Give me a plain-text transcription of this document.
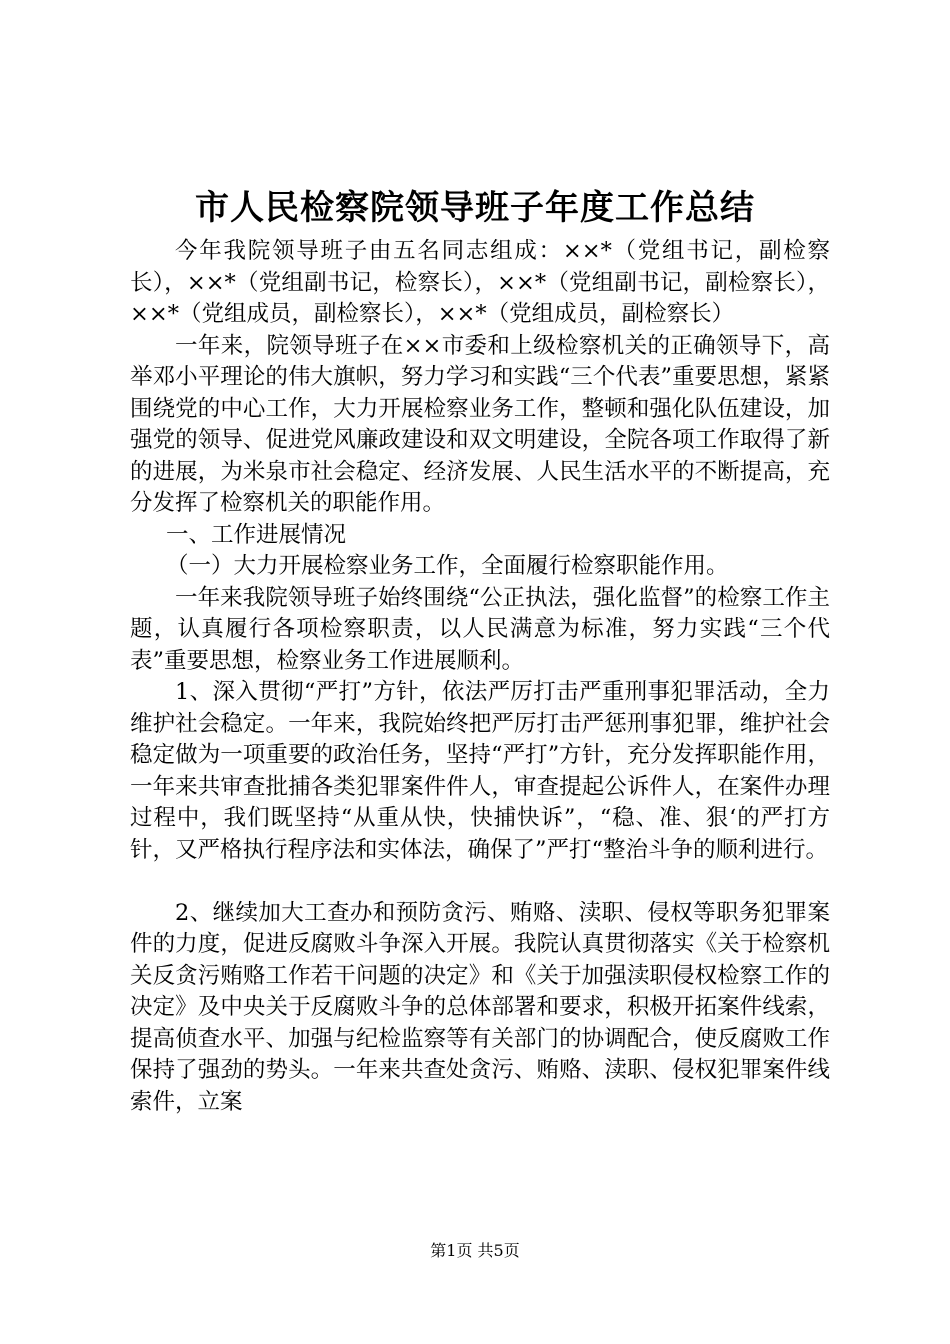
市人民检察院领导班子年度工作总结

今年我院领导班子由五名同志组成：××*（党组书记，副检察长），××*（党组副书记，检察长），××*（党组副书记，副检察长），××*（党组成员，副检察长），××*（党组成员，副检察长）

一年来，院领导班子在××市委和上级检察机关的正确领导下，高举邓小平理论的伟大旗帜，努力学习和实践“三个代表”重要思想，紧紧围绕党的中心工作，大力开展检察业务工作，整顿和强化队伍建设，加强党的领导、促进党风廉政建设和双文明建设，全院各项工作取得了新的进展，为米泉市社会稳定、经济发展、人民生活水平的不断提高，充分发挥了检察机关的职能作用。

一、工作进展情况

（一）大力开展检察业务工作，全面履行检察职能作用。

一年来我院领导班子始终围绕“公正执法，强化监督”的检察工作主题，认真履行各项检察职责，以人民满意为标准，努力实践“三个代表”重要思想，检察业务工作进展顺利。

1、深入贯彻“严打”方针，依法严厉打击严重刑事犯罪活动，全力维护社会稳定。一年来，我院始终把严厉打击严惩刑事犯罪，维护社会稳定做为一项重要的政治任务，坚持“严打”方针，充分发挥职能作用，一年来共审查批捕各类犯罪案件件人，审查提起公诉件人，在案件办理过程中，我们既坚持“从重从快，快捕快诉”，“稳、准、狠‘的严打方针，又严格执行程序法和实体法，确保了”严打“整治斗争的顺利进行。

2、继续加大工查办和预防贪污、贿赂、渎职、侵权等职务犯罪案件的力度，促进反腐败斗争深入开展。我院认真贯彻落实《关于检察机关反贪污贿赂工作若干问题的决定》和《关于加强渎职侵权检察工作的决定》及中央关于反腐败斗争的总体部署和要求，积极开拓案件线索，提高侦查水平、加强与纪检监察等有关部门的协调配合，使反腐败工作保持了强劲的势头。一年来共查处贪污、贿赂、渎职、侵权犯罪案件线索件，立案

第1页 共5页
